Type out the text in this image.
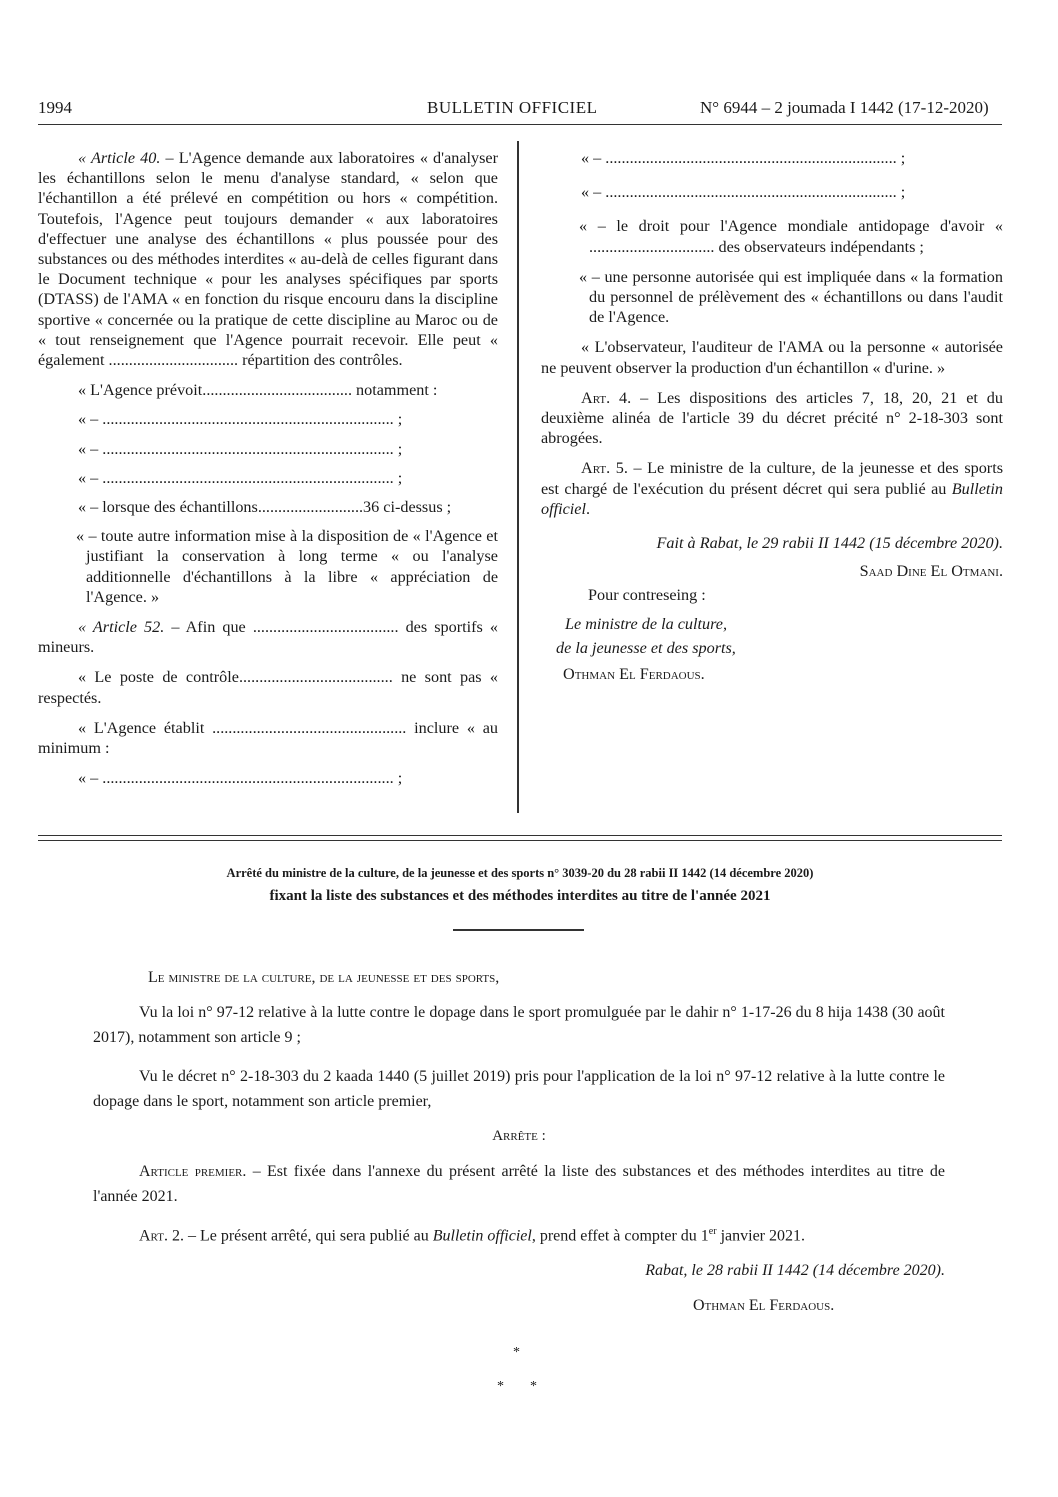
1994	BULLETIN OFFICIEL	N° 6944 – 2 joumada I 1442 (17-12-2020)

« Article 40. – L'Agence demande aux laboratoires « d'analyser les échantillons selon le menu d'analyse standard, « selon que l'échantillon a été prélevé en compétition ou hors « compétition. Toutefois, l'Agence peut toujours demander « aux laboratoires d'effectuer une analyse des échantillons « plus poussée pour des substances ou des méthodes interdites « au-delà de celles figurant dans le Document technique « pour les analyses spécifiques par sports (DTASS) de l'AMA « en fonction du risque encouru dans la discipline sportive « concernée ou la pratique de cette discipline au Maroc ou de « tout renseignement que l'Agence pourrait recevoir. Elle peut « également ................................ répartition des contrôles.

« L'Agence prévoit..................................... notamment :

« – ........................................................................ ;

« – ........................................................................ ;

« – ........................................................................ ;

« – lorsque des échantillons..........................36 ci-dessus ;

« – toute autre information mise à la disposition de « l'Agence et justifiant la conservation à long terme « ou l'analyse additionnelle d'échantillons à la libre « appréciation de l'Agence. »

« Article 52. – Afin que .................................... des sportifs « mineurs.

« Le poste de contrôle...................................... ne sont pas « respectés.

« L'Agence établit ................................................ inclure « au minimum :

« – ........................................................................ ;

« – ........................................................................ ;

« – ........................................................................ ;

« – le droit pour l'Agence mondiale antidopage d'avoir « ............................... des observateurs indépendants ;

« – une personne autorisée qui est impliquée dans « la formation du personnel de prélèvement des « échantillons ou dans l'audit de l'Agence.

« L'observateur, l'auditeur de l'AMA ou la personne « autorisée ne peuvent observer la production d'un échantillon « d'urine. »

Art. 4. – Les dispositions des articles 7, 18, 20, 21 et du deuxième alinéa de l'article 39 du décret précité n° 2-18-303 sont abrogées.

Art. 5. – Le ministre de la culture, de la jeunesse et des sports est chargé de l'exécution du présent décret qui sera publié au Bulletin officiel.

Fait à Rabat, le 29 rabii II 1442 (15 décembre 2020).

Saad Dine El Otmani.

Pour contreseing :

Le ministre de la culture,

de la jeunesse et des sports,

Othman El Ferdaous.

Arrêté du ministre de la culture, de la jeunesse et des sports n° 3039-20 du 28 rabii II 1442 (14 décembre 2020)
fixant la liste des substances et des méthodes interdites au titre de l'année 2021

Le ministre de la culture, de la jeunesse et des sports,

Vu la loi n° 97-12 relative à la lutte contre le dopage dans le sport promulguée par le dahir n° 1-17-26 du 8 hija 1438 (30 août 2017), notamment son article 9 ;

Vu le décret n° 2-18-303 du 2 kaada 1440 (5 juillet 2019) pris pour l'application de la loi n° 97-12 relative à la lutte contre le dopage dans le sport, notamment son article premier,

Arrête :

Article premier. – Est fixée dans l'annexe du présent arrêté la liste des substances et des méthodes interdites au titre de l'année 2021.

Art. 2. – Le présent arrêté, qui sera publié au Bulletin officiel, prend effet à compter du 1er janvier 2021.

Rabat, le 28 rabii II 1442 (14 décembre 2020).

Othman El Ferdaous.

*
* *
